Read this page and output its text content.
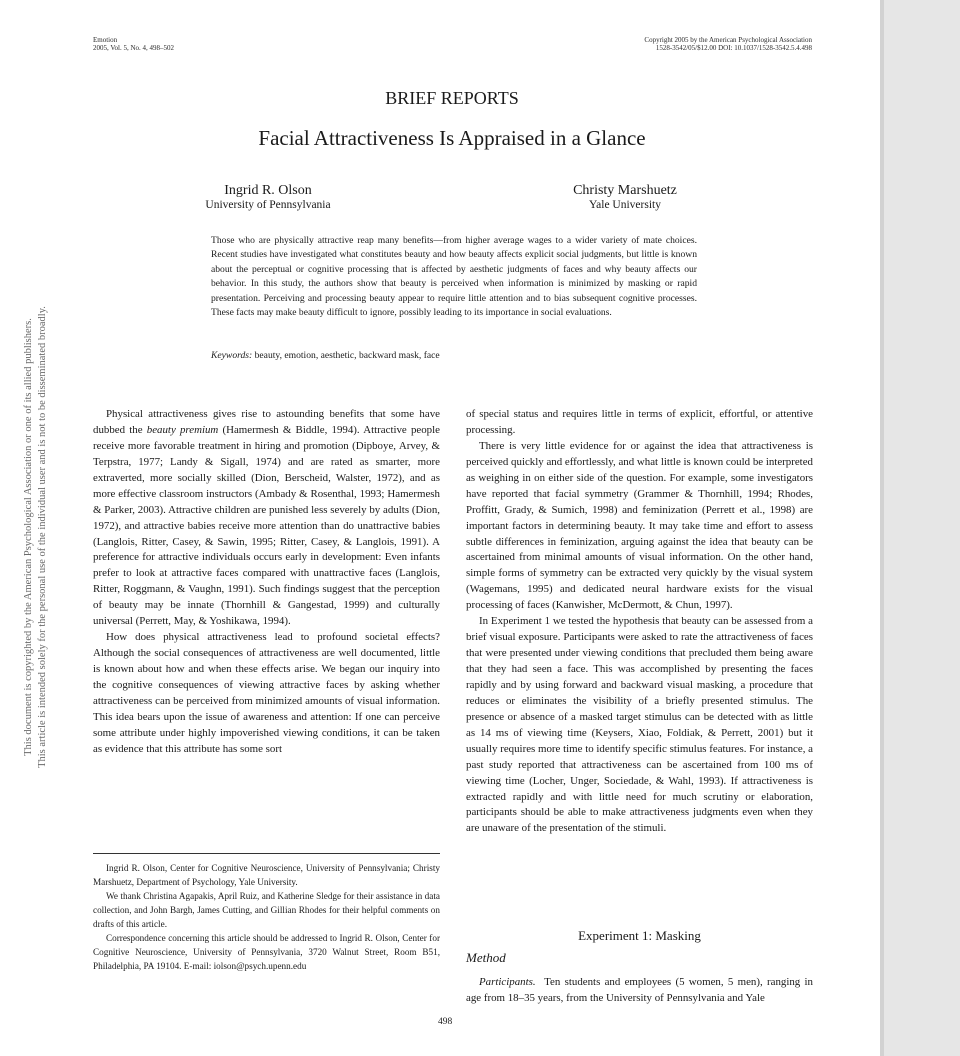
Emotion
2005, Vol. 5, No. 4, 498–502
Copyright 2005 by the American Psychological Association
1528-3542/05/$12.00 DOI: 10.1037/1528-3542.5.4.498
This document is copyrighted by the American Psychological Association or one of its allied publishers. This article is intended solely for the personal use of the individual user and is not to be disseminated broadly.
BRIEF REPORTS
Facial Attractiveness Is Appraised in a Glance
Ingrid R. Olson
University of Pennsylvania
Christy Marshuetz
Yale University
Those who are physically attractive reap many benefits—from higher average wages to a wider variety of mate choices. Recent studies have investigated what constitutes beauty and how beauty affects explicit social judgments, but little is known about the perceptual or cognitive processing that is affected by aesthetic judgments of faces and why beauty affects our behavior. In this study, the authors show that beauty is perceived when information is minimized by masking or rapid presentation. Perceiving and processing beauty appear to require little attention and to bias subsequent cognitive processes. These facts may make beauty difficult to ignore, possibly leading to its importance in social evaluations.
Keywords: beauty, emotion, aesthetic, backward mask, face

Physical attractiveness gives rise to astounding benefits that some have dubbed the beauty premium (Hamermesh & Biddle, 1994). Attractive people receive more favorable treatment in hiring and promotion (Dipboye, Arvey, & Terpstra, 1977; Landy & Sigall, 1974) and are rated as smarter, more extraverted, more socially skilled (Dion, Berscheid, Walster, 1972), and as more effective classroom instructors (Ambady & Rosenthal, 1993; Hamermesh & Parker, 2003). Attractive children are punished less severely by adults (Dion, 1972), and attractive babies receive more attention than do unattractive babies (Langlois, Ritter, Casey, & Sawin, 1995; Ritter, Casey, & Langlois, 1991). A preference for attractive individuals occurs early in development: Even infants prefer to look at attractive faces compared with unattractive faces (Langlois, Ritter, Roggmann, & Vaughn, 1991). Such findings suggest that the perception of beauty may be innate (Thornhill & Gangestad, 1999) and culturally universal (Perrett, May, & Yoshikawa, 1994).

How does physical attractiveness lead to profound societal effects? Although the social consequences of attractiveness are well documented, little is known about how and when these effects arise. We began our inquiry into the cognitive consequences of viewing attractive faces by asking whether attractiveness can be perceived from minimized amounts of visual information. This idea bears upon the issue of awareness and attention: If one can perceive some attribute under highly impoverished viewing conditions, it can be taken as evidence that this attribute has some sort

Ingrid R. Olson, Center for Cognitive Neuroscience, University of Pennsylvania; Christy Marshuetz, Department of Psychology, Yale University.

We thank Christina Agapakis, April Ruiz, and Katherine Sledge for their assistance in data collection, and John Bargh, James Cutting, and Gillian Rhodes for their helpful comments on drafts of this article.

Correspondence concerning this article should be addressed to Ingrid R. Olson, Center for Cognitive Neuroscience, University of Pennsylvania, 3720 Walnut Street, Room B51, Philadelphia, PA 19104. E-mail: iolson@psych.upenn.edu

of special status and requires little in terms of explicit, effortful, or attentive processing.

There is very little evidence for or against the idea that attractiveness is perceived quickly and effortlessly, and what little is known could be interpreted as weighing in on either side of the question. For example, some investigators have reported that facial symmetry (Grammer & Thornhill, 1994; Rhodes, Proffitt, Grady, & Sumich, 1998) and feminization (Perrett et al., 1998) are important factors in determining beauty. It may take time and effort to assess subtle differences in feminization, arguing against the idea that beauty can be ascertained from minimal amounts of visual information. On the other hand, simple forms of symmetry can be extracted very quickly by the visual system (Wagemans, 1995) and dedicated neural hardware exists for the visual processing of faces (Kanwisher, McDermott, & Chun, 1997).

In Experiment 1 we tested the hypothesis that beauty can be assessed from a brief visual exposure. Participants were asked to rate the attractiveness of faces that were presented under viewing conditions that precluded them being aware that they had seen a face. This was accomplished by presenting the faces rapidly and by using forward and backward visual masking, a procedure that reduces or eliminates the visibility of a briefly presented stimulus. The presence or absence of a masked target stimulus can be detected with as little as 14 ms of viewing time (Keysers, Xiao, Foldiak, & Perrett, 2001) but it usually requires more time to identify specific stimulus features. For instance, a past study reported that attractiveness can be ascertained from 100 ms of viewing time (Locher, Unger, Sociedade, & Wahl, 1993). If attractiveness is extracted rapidly and with little need for much scrutiny or elaboration, participants should be able to make attractiveness judgments even when they are unaware of the presentation of the stimuli.

Experiment 1: Masking
Method

Participants. Ten students and employees (5 women, 5 men), ranging in age from 18–35 years, from the University of Pennsylvania and Yale

498
